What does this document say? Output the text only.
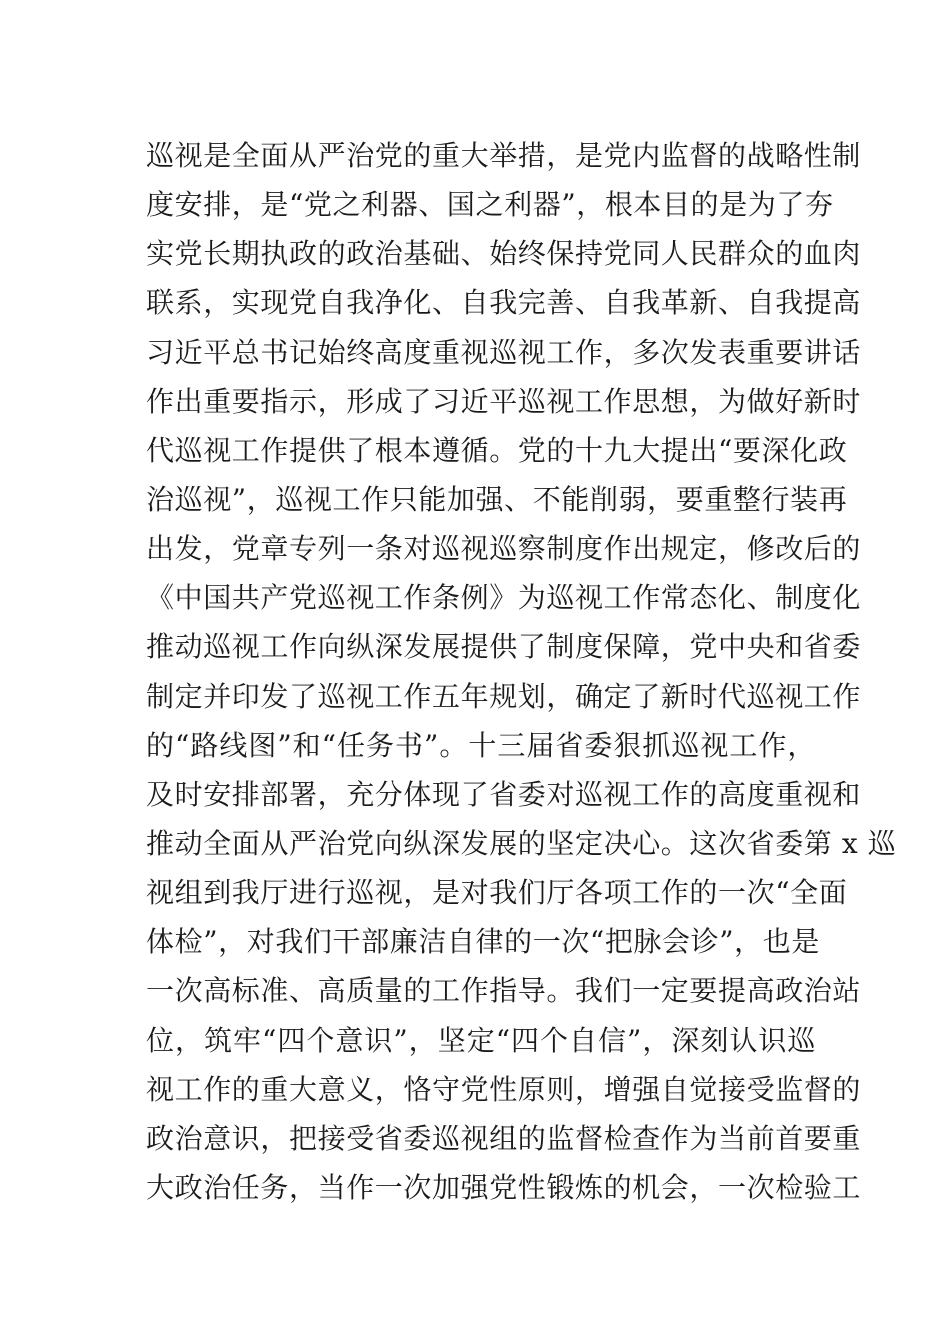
巡视是全面从严治党的重大举措，是党内监督的战略性制
度安排，是“党之利器、国之利器”，根本目的是为了夯
实党长期执政的政治基础、始终保持党同人民群众的血肉
联系，实现党自我净化、自我完善、自我革新、自我提高
习近平总书记始终高度重视巡视工作，多次发表重要讲话
作出重要指示，形成了习近平巡视工作思想，为做好新时
代巡视工作提供了根本遵循。党的十九大提出“要深化政
治巡视”，巡视工作只能加强、不能削弱，要重整行装再
出发，党章专列一条对巡视巡察制度作出规定，修改后的
《中国共产党巡视工作条例》为巡视工作常态化、制度化
推动巡视工作向纵深发展提供了制度保障，党中央和省委
制定并印发了巡视工作五年规划，确定了新时代巡视工作
的“路线图”和“任务书”。十三届省委狠抓巡视工作，
及时安排部署，充分体现了省委对巡视工作的高度重视和
推动全面从严治党向纵深发展的坚定决心。这次省委第 x 巡
视组到我厅进行巡视，是对我们厅各项工作的一次“全面
体检”，对我们干部廉洁自律的一次“把脉会诊”，也是
一次高标准、高质量的工作指导。我们一定要提高政治站
位，筑牢“四个意识”，坚定“四个自信”，深刻认识巡
视工作的重大意义，恪守党性原则，增强自觉接受监督的
政治意识，把接受省委巡视组的监督检查作为当前首要重
大政治任务，当作一次加强党性锻炼的机会，一次检验工
